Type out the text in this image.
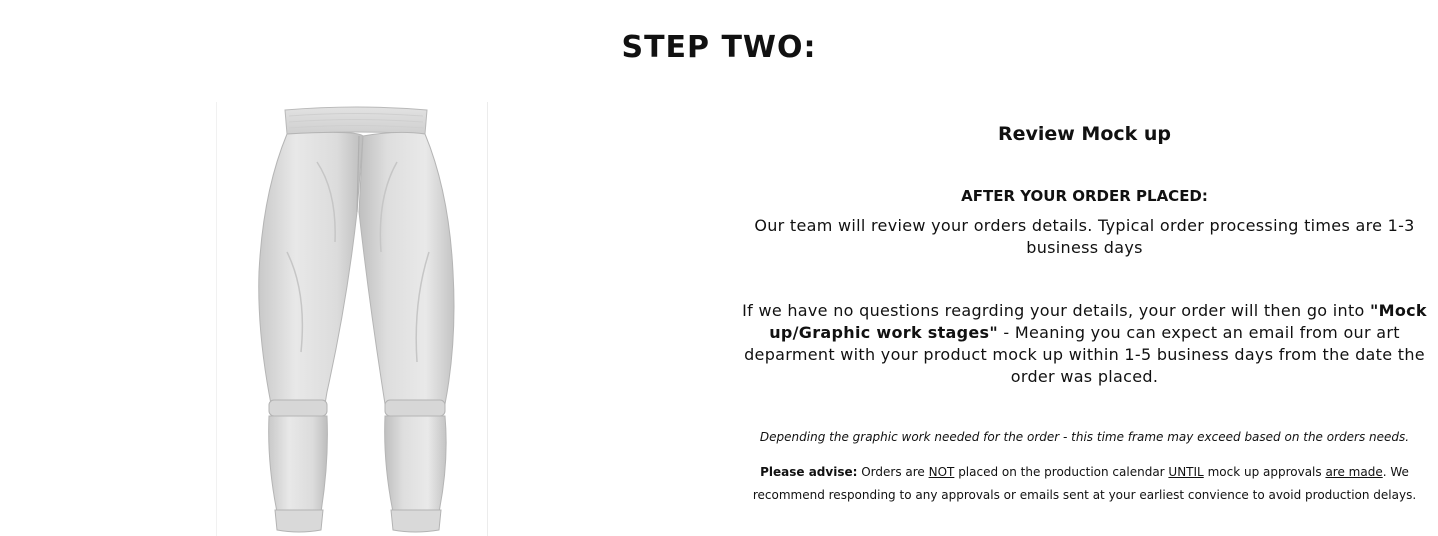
STEP TWO:
Review Mock up

AFTER YOUR ORDER PLACED:

Our team will review your orders details. Typical order processing times are 1-3 business days

If we have no questions reagrding your details, your order will then go into "Mock up/Graphic work stages" - Meaning you can expect an email from our art deparment with your product mock up within 1-5 business days from the date the order was placed.

Depending the graphic work needed for the order - this time frame may exceed based on the orders needs.

Please advise: Orders are NOT placed on the production calendar UNTIL mock up approvals are made. We recommend responding to any approvals or emails sent at your earliest convience to avoid production delays.
